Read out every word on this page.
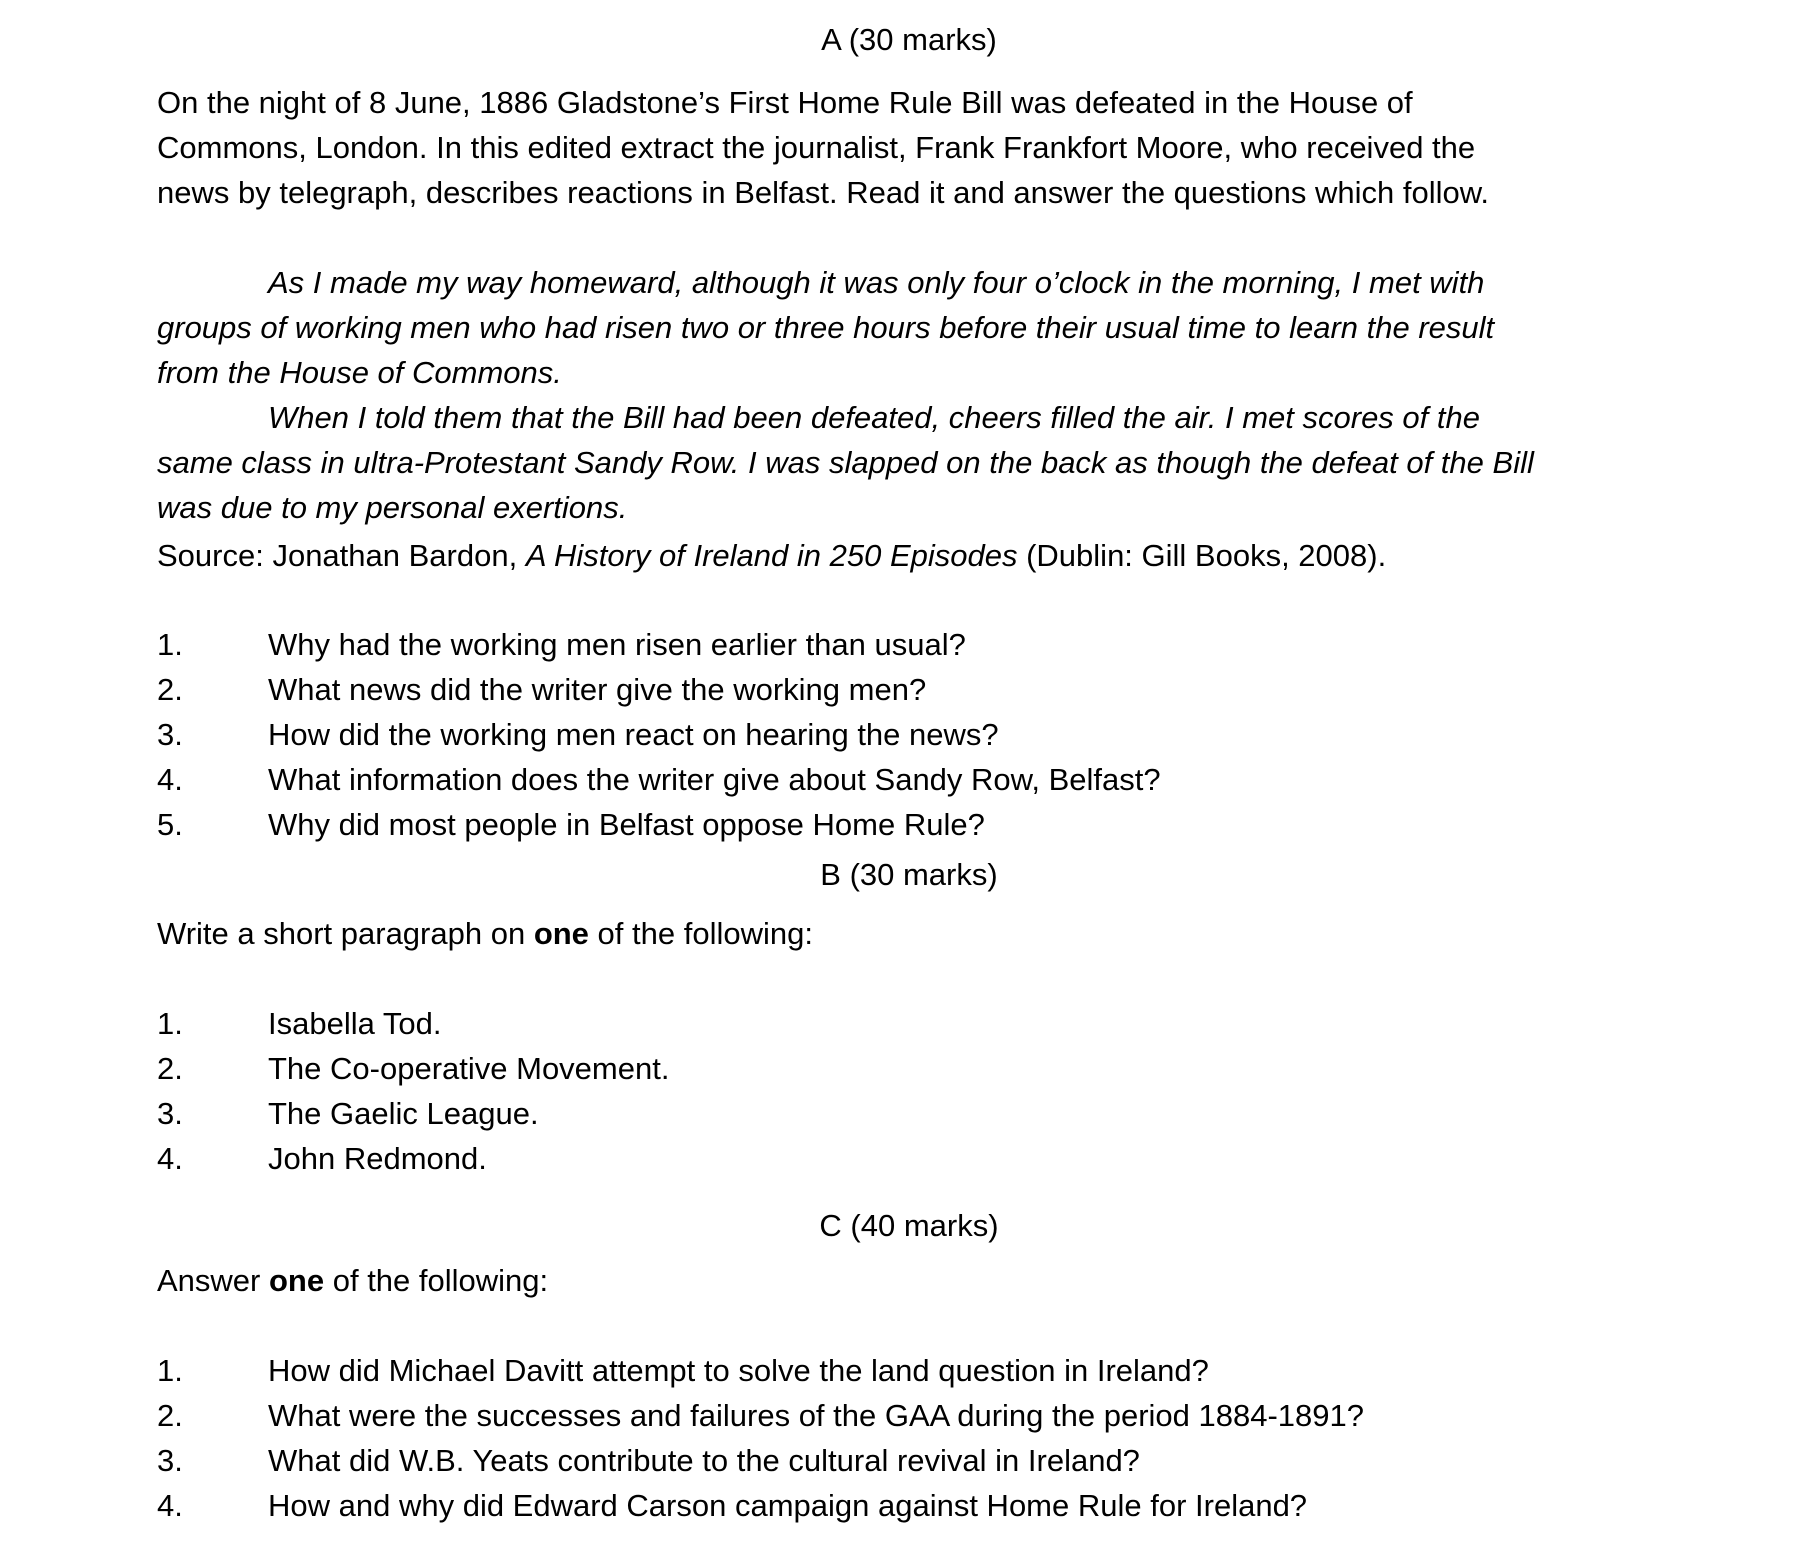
A (30 marks)
On the night of 8 June, 1886 Gladstone’s First Home Rule Bill was defeated in the House of
Commons, London. In this edited extract the journalist, Frank Frankfort Moore, who received the
news by telegraph, describes reactions in Belfast. Read it and answer the questions which follow.
As I made my way homeward, although it was only four o’clock in the morning, I met with
groups of working men who had risen two or three hours before their usual time to learn the result
from the House of Commons.
When I told them that the Bill had been defeated, cheers filled the air. I met scores of the
same class in ultra-Protestant Sandy Row. I was slapped on the back as though the defeat of the Bill
was due to my personal exertions.
Source: Jonathan Bardon, A History of Ireland in 250 Episodes (Dublin: Gill Books, 2008).
1.	Why had the working men risen earlier than usual?
2.	What news did the writer give the working men?
3.	How did the working men react on hearing the news?
4.	What information does the writer give about Sandy Row, Belfast?
5.	Why did most people in Belfast oppose Home Rule?
B (30 marks)
Write a short paragraph on one of the following:
1.	Isabella Tod.
2.	The Co-operative Movement.
3.	The Gaelic League.
4.	John Redmond.
C (40 marks)
Answer one of the following:
1.	How did Michael Davitt attempt to solve the land question in Ireland?
2.	What were the successes and failures of the GAA during the period 1884-1891?
3.	What did W.B. Yeats contribute to the cultural revival in Ireland?
4.	How and why did Edward Carson campaign against Home Rule for Ireland?
